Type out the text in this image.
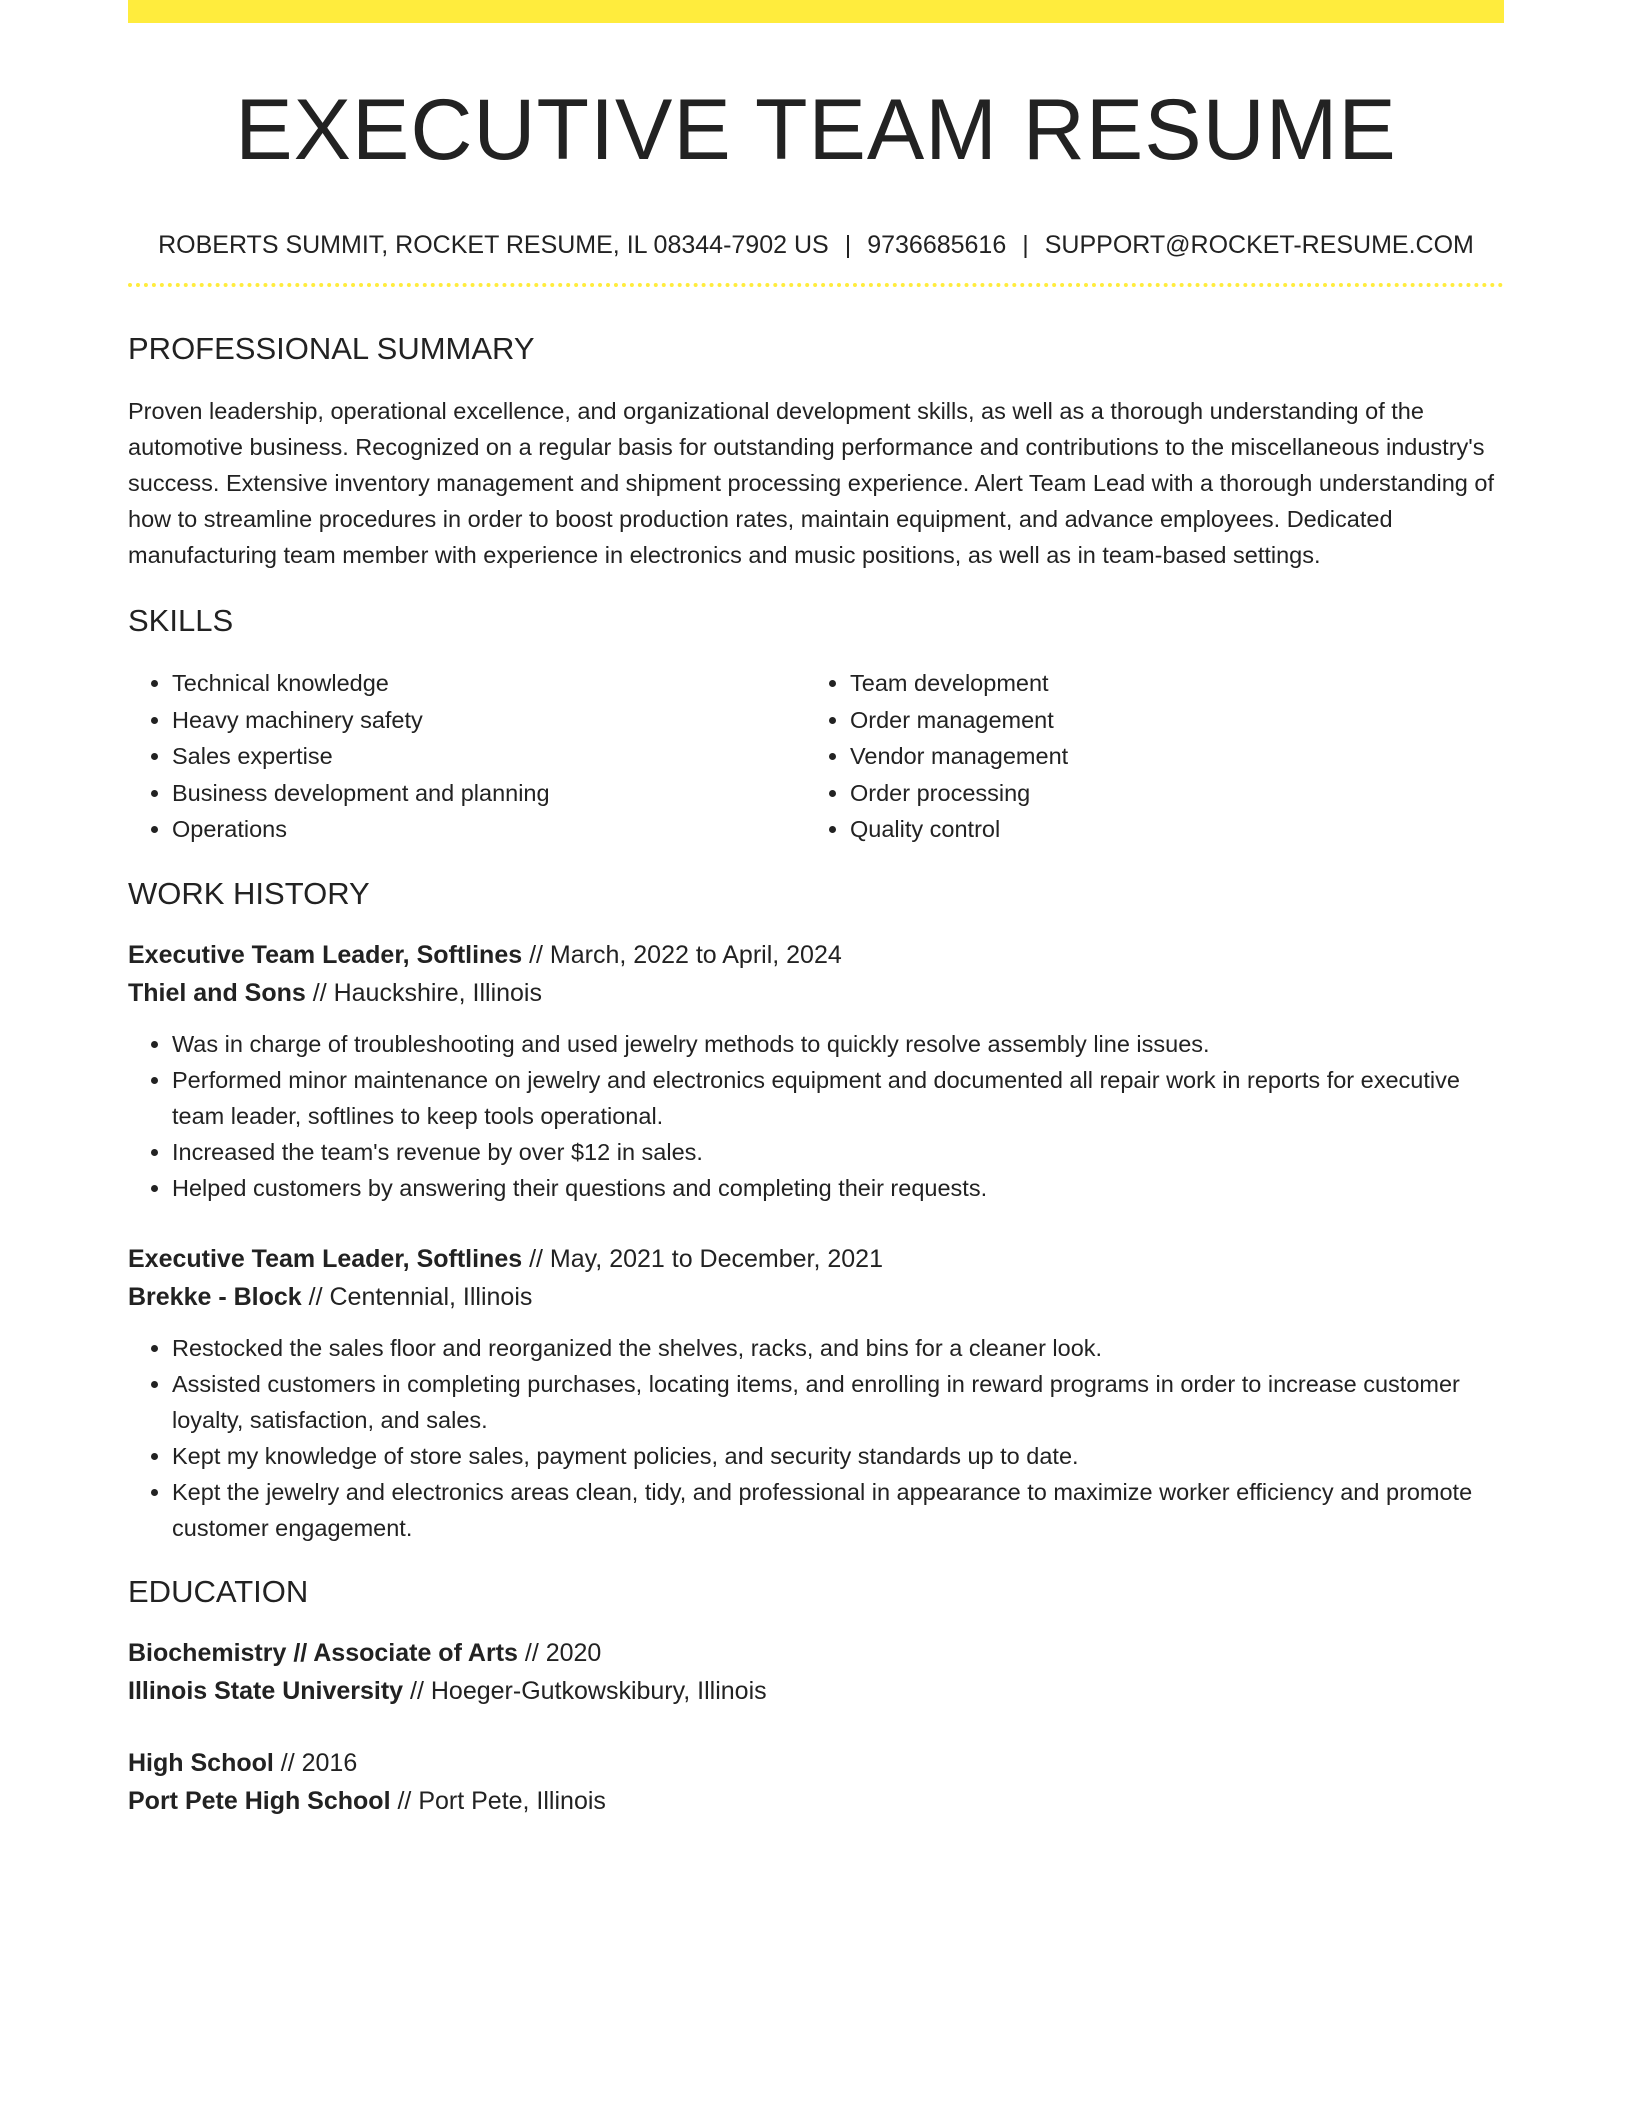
EXECUTIVE TEAM RESUME
ROBERTS SUMMIT, ROCKET RESUME, IL 08344-7902 US | 9736685616 | SUPPORT@ROCKET-RESUME.COM
PROFESSIONAL SUMMARY

Proven leadership, operational excellence, and organizational development skills, as well as a thorough understanding of the automotive business. Recognized on a regular basis for outstanding performance and contributions to the miscellaneous industry's success. Extensive inventory management and shipment processing experience. Alert Team Lead with a thorough understanding of how to streamline procedures in order to boost production rates, maintain equipment, and advance employees. Dedicated manufacturing team member with experience in electronics and music positions, as well as in team-based settings.

SKILLS
• Technical knowledge
• Heavy machinery safety
• Sales expertise
• Business development and planning
• Operations
• Team development
• Order management
• Vendor management
• Order processing
• Quality control
WORK HISTORY
Executive Team Leader, Softlines // March, 2022 to April, 2024
Thiel and Sons // Hauckshire, Illinois
• Was in charge of troubleshooting and used jewelry methods to quickly resolve assembly line issues.
• Performed minor maintenance on jewelry and electronics equipment and documented all repair work in reports for executive team leader, softlines to keep tools operational.
• Increased the team's revenue by over $12 in sales.
• Helped customers by answering their questions and completing their requests.
Executive Team Leader, Softlines // May, 2021 to December, 2021
Brekke - Block // Centennial, Illinois
• Restocked the sales floor and reorganized the shelves, racks, and bins for a cleaner look.
• Assisted customers in completing purchases, locating items, and enrolling in reward programs in order to increase customer loyalty, satisfaction, and sales.
• Kept my knowledge of store sales, payment policies, and security standards up to date.
• Kept the jewelry and electronics areas clean, tidy, and professional in appearance to maximize worker efficiency and promote customer engagement.
EDUCATION
Biochemistry // Associate of Arts // 2020
Illinois State University // Hoeger-Gutkowskibury, Illinois
High School // 2016
Port Pete High School // Port Pete, Illinois
